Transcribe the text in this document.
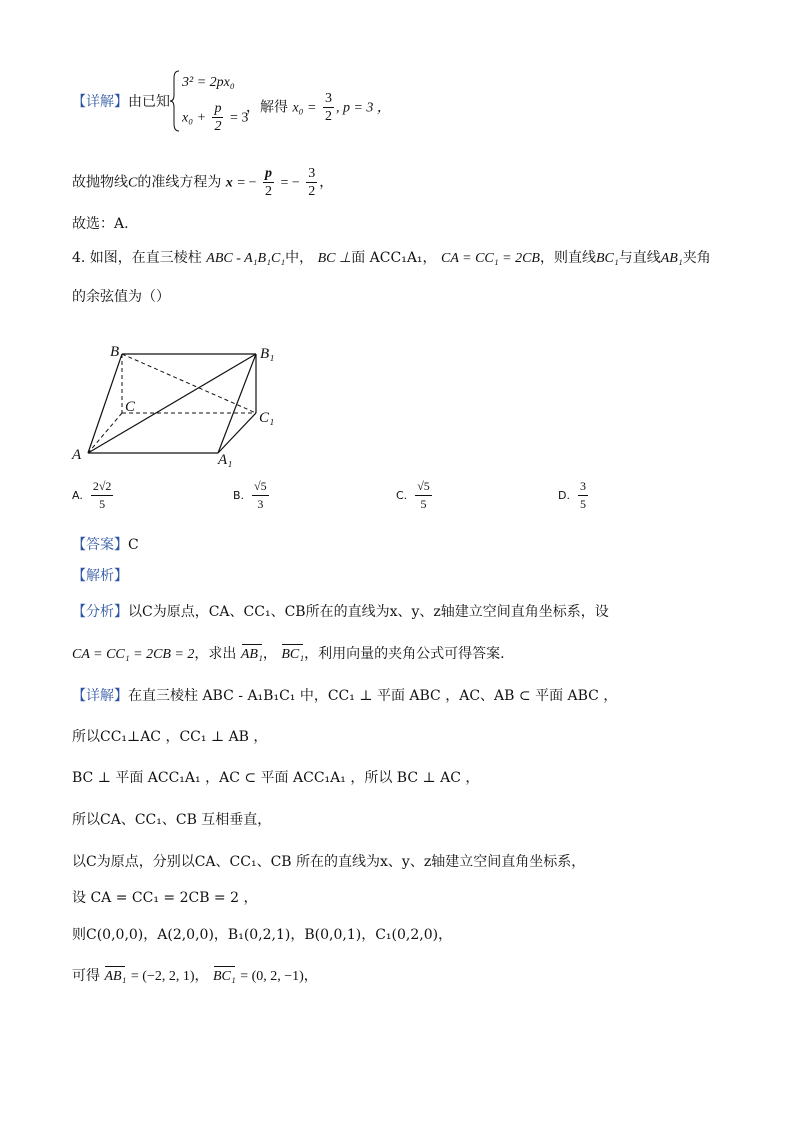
【详解】由已知
3² = 2px₀
$x_0 + \frac{p}{2} = 3$
，解得 $x_0 = \frac{3}{2}$ , p = 3 ，
故抛物线C的准线方程为 x = − $\frac{p}{2}$ = − $\frac{3}{2}$ ，
故选：A.
4. 如图，在直三棱柱 ABC - A₁B₁C₁中， BC ⊥面 ACC₁A₁， CA = CC₁ = 2CB，则直线BC₁与直线AB₁夹角
的余弦值为（）
B	B₁
C
C₁
A	A₁
A. $\frac{2√2}{5}$	B. $\frac{√5}{3}$	C. $\frac{√5}{5}$	D. $\frac{3}{5}$
【答案】C
【解析】
【分析】以C为原点，CA、CC₁、CB所在的直线为x、y、z轴建立空间直角坐标系，设
CA = CC₁ = 2CB = 2，求出 AB₁， BC₁，利用向量的夹角公式可得答案.
【详解】在直三棱柱 ABC - A₁B₁C₁ 中，CC₁ ⊥ 平面 ABC ，AC、AB ⊂ 平面 ABC ，
所以CC₁⊥AC ，CC₁ ⊥ AB ，
BC ⊥ 平面 ACC₁A₁ ，AC ⊂ 平面 ACC₁A₁ ，所以 BC ⊥ AC ，
所以CA、CC₁、CB 互相垂直，
以C为原点，分别以CA、CC₁、CB 所在的直线为x、y、z轴建立空间直角坐标系，
设 CA = CC₁ = 2CB = 2 ，
则C(0,0,0)，A(2,0,0)，B₁(0,2,1)，B(0,0,1)，C₁(0,2,0)，
可得 AB₁ = (−2, 2, 1)， BC₁ = (0, 2, −1)，
